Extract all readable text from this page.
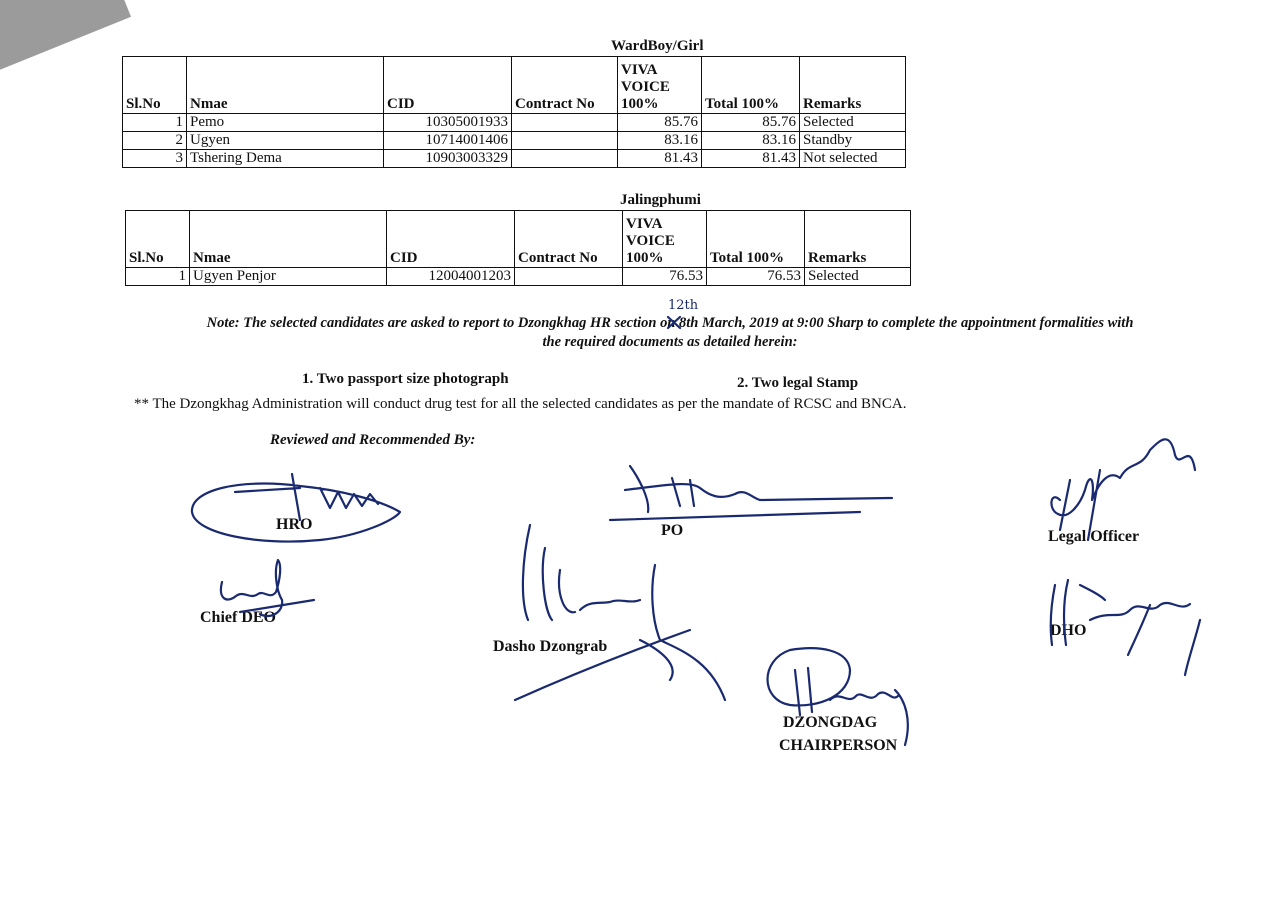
WardBoy/Girl
Sl.No	Nmae	CID	Contract No	VIVA VOICE 100%	Total 100%	Remarks
1	Pemo	10305001933		85.76	85.76	Selected
2	Ugyen	10714001406		83.16	83.16	Standby
3	Tshering Dema	10903003329		81.43	81.43	Not selected
Jalingphumi
Sl.No	Nmae	CID	Contract No	VIVA VOICE 100%	Total 100%	Remarks
1	Ugyen Penjor	12004001203		76.53	76.53	Selected
12th
Note: The selected candidates are asked to report to Dzongkhag HR section on 8th March, 2019 at 9:00 Sharp to complete the appointment formalities with
the required documents as detailed herein:
1. Two passport size photograph	2. Two legal Stamp
** The Dzongkhag Administration will conduct drug test for all the selected candidates as per the mandate of RCSC and BNCA.
Reviewed and Recommended By:
HRO	PO	Legal Officer
Chief DEO
Dasho Dzongrab
DHO
DZONGDAG
CHAIRPERSON
